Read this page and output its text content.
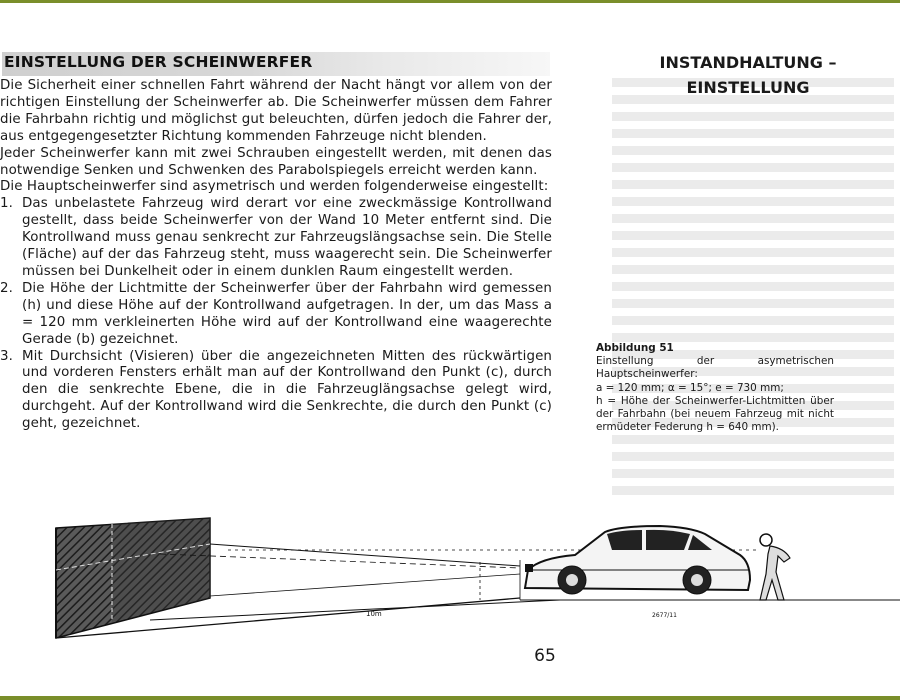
EINSTELLUNG DER SCHEINWERFER	INSTANDHALTUNG –
EINSTELLUNG

Die Sicherheit einer schnellen Fahrt während der Nacht hängt vor allem von der richtigen Einstellung der Scheinwerfer ab. Die Scheinwerfer müssen dem Fahrer die Fahrbahn richtig und möglichst gut beleuchten, dürfen jedoch die Fahrer der, aus entgegengesetzter Richtung kommenden Fahrzeuge nicht blenden.

Jeder Scheinwerfer kann mit zwei Schrauben eingestellt werden, mit denen das notwendige Senken und Schwenken des Parabolspiegels erreicht werden kann.

Die Hauptscheinwerfer sind asymetrisch und werden folgenderweise eingestellt:

1. Das unbelastete Fahrzeug wird derart vor eine zweckmässige Kontrollwand gestellt, dass beide Scheinwerfer von der Wand 10 Meter entfernt sind. Die Kontrollwand muss genau senkrecht zur Fahrzeugslängsachse sein. Die Stelle (Fläche) auf der das Fahrzeug steht, muss waagerecht sein. Die Scheinwerfer müssen bei Dunkelheit oder in einem dunklen Raum eingestellt werden.
2. Die Höhe der Lichtmitte der Scheinwerfer über der Fahrbahn wird gemessen (h) und diese Höhe auf der Kontrollwand aufgetragen. In der, um das Mass a = 120 mm verkleinerten Höhe wird auf der Kontrollwand eine waagerechte Gerade (b) gezeichnet.
3. Mit Durchsicht (Visieren) über die angezeichneten Mitten des rückwärtigen und vorderen Fensters erhält man auf der Kontrollwand den Punkt (c), durch den die senkrechte Ebene, die in die Fahrzeuglängsachse gelegt wird, durchgeht. Auf der Kontrollwand wird die Senkrechte, die durch den Punkt (c) geht, gezeichnet.
Abbildung 51
Einstellung der asymetrischen Hauptscheinwerfer:
a = 120 mm; α = 15°; e = 730 mm;
h = Höhe der Scheinwerfer-Lichtmitten über der Fahrbahn (bei neuem Fahrzeug mit nicht ermüdeter Federung h = 640 mm).
10m	2677/11
65
